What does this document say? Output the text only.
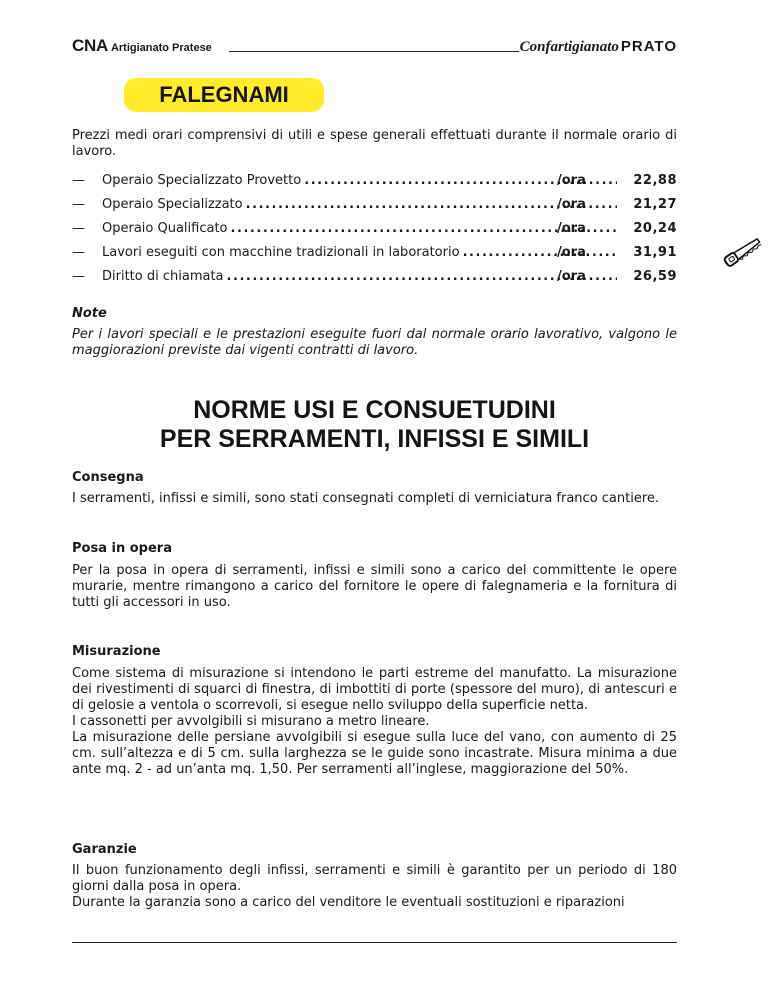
CNA Artigianato Pratese	Confartigianato PRATO
FALEGNAMI
Prezzi medi orari comprensivi di utili e spese generali effettuati durante il normale orario di lavoro.
— Operaio Specializzato Provetto . . .	/ora	22,88
— Operaio Specializzato . . .	/ora	21,27
— Operaio Qualificato . . .	/ora	20,24
— Lavori eseguiti con macchine tradizionali in laboratorio . . .	/ora	31,91
— Diritto di chiamata . . .	/ora	26,59
Note
Per i lavori speciali e le prestazioni eseguite fuori dal normale orario lavorativo, valgono le maggiorazioni previste dai vigenti contratti di lavoro.
NORME USI E CONSUETUDINI
PER SERRAMENTI, INFISSI E SIMILI
Consegna
I serramenti, infissi e simili, sono stati consegnati completi di verniciatura franco cantiere.
Posa in opera
Per la posa in opera di serramenti, infissi e simili sono a carico del committente le opere murarie, mentre rimangono a carico del fornitore le opere di falegnameria e la fornitura di tutti gli accessori in uso.
Misurazione
Come sistema di misurazione si intendono le parti estreme del manufatto. La misurazione dei rivestimenti di squarci di finestra, di imbottiti di porte (spessore del muro), di antescuri e di gelosie a ventola o scorrevoli, si esegue nello sviluppo della superficie netta.
I cassonetti per avvolgibili si misurano a metro lineare.
La misurazione delle persiane avvolgibili si esegue sulla luce del vano, con aumento di 25 cm. sull’altezza e di 5 cm. sulla larghezza se le guide sono incastrate. Misura minima a due ante mq. 2 - ad un’anta mq. 1,50. Per serramenti all’inglese, maggiorazione del 50%.
Garanzie
Il buon funzionamento degli infissi, serramenti e simili è garantito per un periodo di 180 giorni dalla posa in opera.
Durante la garanzia sono a carico del venditore le eventuali sostituzioni e riparazioni
